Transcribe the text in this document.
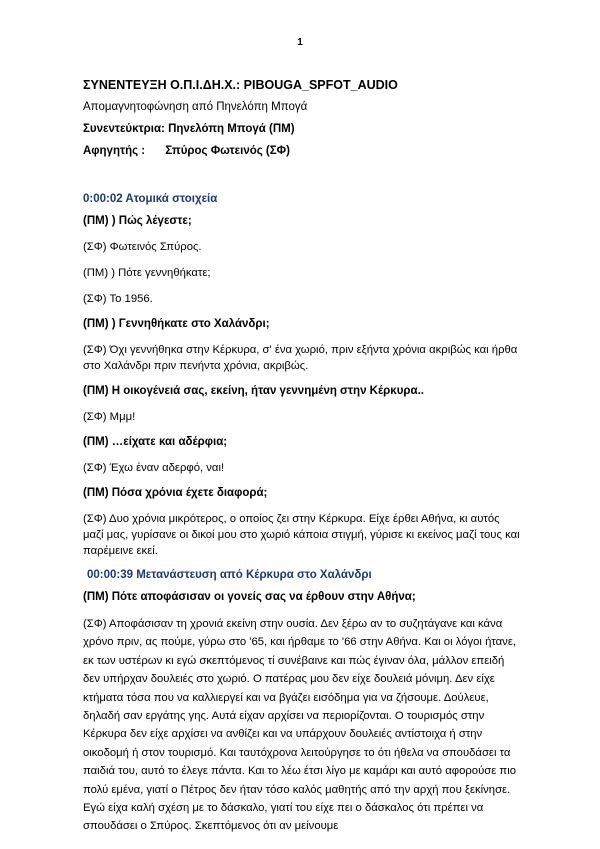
1

ΣΥΝΕΝΤΕΥΞΗ Ο.Π.Ι.ΔΗ.Χ.: PIBOUGA_SPFOT_AUDIO

Απομαγνητοφώνηση από Πηνελόπη Μπογά

Συνεντεύκτρια: Πηνελόπη Μπογά (ΠΜ)

Αφηγητής : Σπύρος Φωτεινός (ΣΦ)

0:00:02 Ατομικά στοιχεία

(ΠΜ) ) Πώς λέγεστε;

(ΣΦ) Φωτεινός Σπύρος.

(ΠΜ) ) Πότε γεννηθήκατε;

(ΣΦ) Το 1956.

(ΠΜ) ) Γεννηθήκατε στο Χαλάνδρι;

(ΣΦ) Όχι γεννήθηκα στην Κέρκυρα, σ' ένα χωριό, πριν εξήντα χρόνια ακριβώς και ήρθα στο Χαλάνδρι πριν πενήντα χρόνια, ακριβώς.

(ΠΜ) Η οικογένειά σας, εκείνη, ήταν γεννημένη στην Κέρκυρα..

(ΣΦ) Μμμ!

(ΠΜ) …είχατε και αδέρφια;

(ΣΦ) Έχω έναν αδερφό, ναι!

(ΠΜ) Πόσα χρόνια έχετε διαφορά;

(ΣΦ) Δυο χρόνια μικρότερος, ο οποίος ζει στην Κέρκυρα. Είχε έρθει Αθήνα, κι αυτός μαζί μας, γυρίσανε οι δικοί μου στο χωριό κάποια στιγμή, γύρισε κι εκείνος μαζί τους και παρέμεινε εκεί.

00:00:39 Μετανάστευση από Κέρκυρα στο Χαλάνδρι

(ΠΜ) Πότε αποφάσισαν οι γονείς σας να έρθουν στην Αθήνα;

(ΣΦ) Αποφάσισαν τη χρονιά εκείνη στην ουσία. Δεν ξέρω αν το συζητάγανε και κάνα χρόνο πριν, ας πούμε, γύρω στο '65, και ήρθαμε το '66 στην Αθήνα. Και οι λόγοι ήτανε, εκ των υστέρων κι εγώ σκεπτόμενος τί συνέβαινε και πώς έγιναν όλα, μάλλον επειδή δεν υπήρχαν δουλειές στο χωριό. Ο πατέρας μου δεν είχε δουλειά μόνιμη. Δεν είχε κτήματα τόσα που να καλλιεργεί και να βγάζει εισόδημα για να ζήσουμε. Δούλευε, δηλαδή σαν εργάτης γης. Αυτά είχαν αρχίσει να περιορίζονται. Ο τουρισμός στην Κέρκυρα δεν είχε αρχίσει να ανθίζει και να υπάρχουν δουλειές αντίστοιχα ή στην οικοδομή ή στον τουρισμό. Και ταυτόχρονα λειτούργησε το ότι ήθελα να σπουδάσει τα παιδιά του, αυτό το έλεγε πάντα. Και το λέω έτσι λίγο με καμάρι και αυτό αφορούσε πιο πολύ εμένα, γιατί ο Πέτρος δεν ήταν τόσο καλός μαθητής από την αρχή που ξεκίνησε. Εγώ είχα καλή σχέση με το δάσκαλο, γιατί του είχε πει ο δάσκαλος ότι πρέπει να σπουδάσει ο Σπύρος. Σκεπτόμενος ότι αν μείνουμε
